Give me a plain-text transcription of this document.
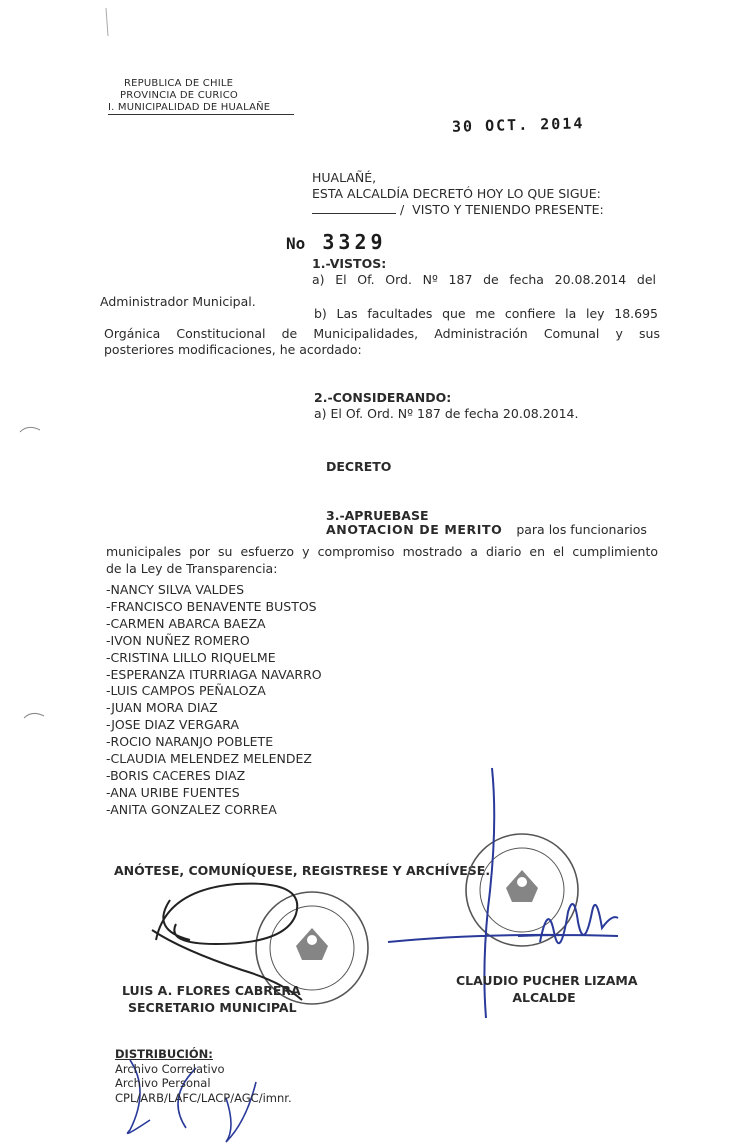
REPUBLICA DE CHILE
PROVINCIA DE CURICO
I. MUNICIPALIDAD DE HUALAÑE
30 OCT. 2014
HUALAÑÉ,
ESTA ALCALDÍA DECRETÓ HOY LO QUE SIGUE:
/  VISTO Y TENIENDO PRESENTE:
No 3329
1.-VISTOS:
a) El Of. Ord. Nº 187 de fecha 20.08.2014 del
Administrador Municipal.
b) Las facultades que me confiere la ley 18.695
Orgánica Constitucional de Municipalidades, Administración Comunal y sus
posteriores modificaciones, he acordado:
2.-CONSIDERANDO:
a) El Of. Ord. Nº 187 de fecha 20.08.2014.
DECRETO
3.-APRUEBASE
ANOTACION DE MERITO para los funcionarios
municipales por su esfuerzo y compromiso mostrado a diario en el cumplimiento
de la Ley de Transparencia:
-NANCY SILVA VALDES
-FRANCISCO BENAVENTE BUSTOS
-CARMEN ABARCA BAEZA
-IVON NUÑEZ ROMERO
-CRISTINA LILLO RIQUELME
-ESPERANZA ITURRIAGA NAVARRO
-LUIS CAMPOS PEÑALOZA
-JUAN MORA DIAZ
-JOSE DIAZ VERGARA
-ROCIO NARANJO POBLETE
-CLAUDIA MELENDEZ MELENDEZ
-BORIS CACERES DIAZ
-ANA URIBE FUENTES
-ANITA GONZALEZ CORREA
ANÓTESE, COMUNÍQUESE, REGISTRESE Y ARCHÍVESE.
LUIS A. FLORES CABRERA
SECRETARIO MUNICIPAL
CLAUDIO PUCHER LIZAMA
ALCALDE
DISTRIBUCIÓN:
Archivo Correlativo
Archivo Personal
CPL/ARB/LAFC/LACP/AGC/imnr.
